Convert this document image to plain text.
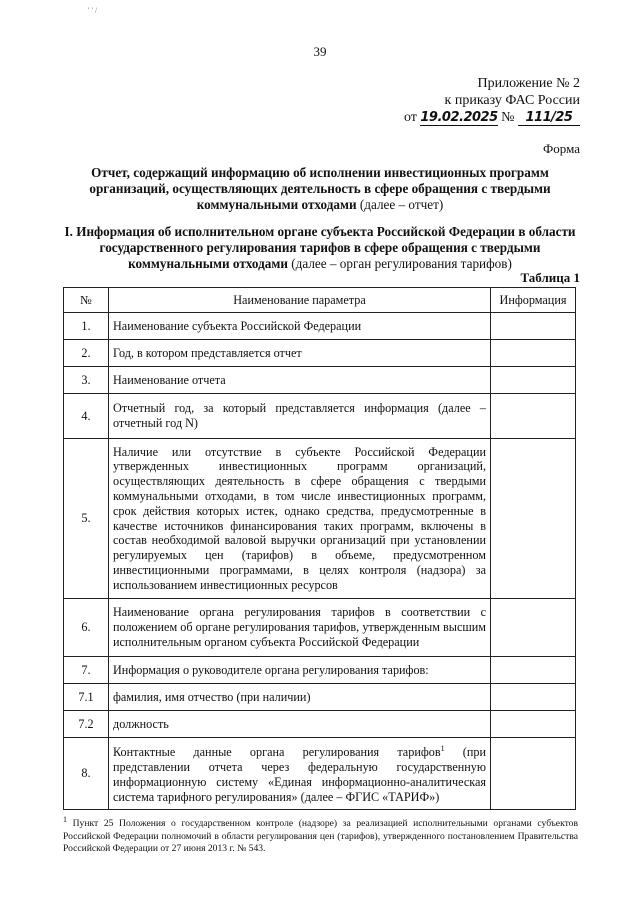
' ' /
39
Приложение № 2
к приказу ФАС России
от 19.02.2025 № 111/25
Форма
Отчет, содержащий информацию об исполнении инвестиционных программ организаций, осуществляющих деятельность в сфере обращения с твердыми коммунальными отходами (далее – отчет)
I. Информация об исполнительном органе субъекта Российской Федерации в области государственного регулирования тарифов в сфере обращения с твердыми коммунальными отходами (далее – орган регулирования тарифов)
Таблица 1
№	Наименование параметра	Информация
1.	Наименование субъекта Российской Федерации	
2.	Год, в котором представляется отчет	
3.	Наименование отчета	
4.	Отчетный год, за который представляется информация (далее – отчетный год N)	
5.	Наличие или отсутствие в субъекте Российской Федерации утвержденных инвестиционных программ организаций, осуществляющих деятельность в сфере обращения с твердыми коммунальными отходами, в том числе инвестиционных программ, срок действия которых истек, однако средства, предусмотренные в качестве источников финансирования таких программ, включены в состав необходимой валовой выручки организаций при установлении регулируемых цен (тарифов) в объеме, предусмотренном инвестиционными программами, в целях контроля (надзора) за использованием инвестиционных ресурсов	
6.	Наименование органа регулирования тарифов в соответствии с положением об органе регулирования тарифов, утвержденным высшим исполнительным органом субъекта Российской Федерации	
7.	Информация о руководителе органа регулирования тарифов:	
7.1	фамилия, имя отчество (при наличии)	
7.2	должность	
8.	Контактные данные органа регулирования тарифов$^1$ (при представлении отчета через федеральную государственную информационную систему «Единая информационно-аналитическая система тарифного регулирования» (далее – ФГИС «ТАРИФ»)	
$^1$ Пункт 25 Положения о государственном контроле (надзоре) за реализацией исполнительными органами субъектов Российской Федерации полномочий в области регулирования цен (тарифов), утвержденного постановлением Правительства Российской Федерации от 27 июня 2013 г. № 543.
